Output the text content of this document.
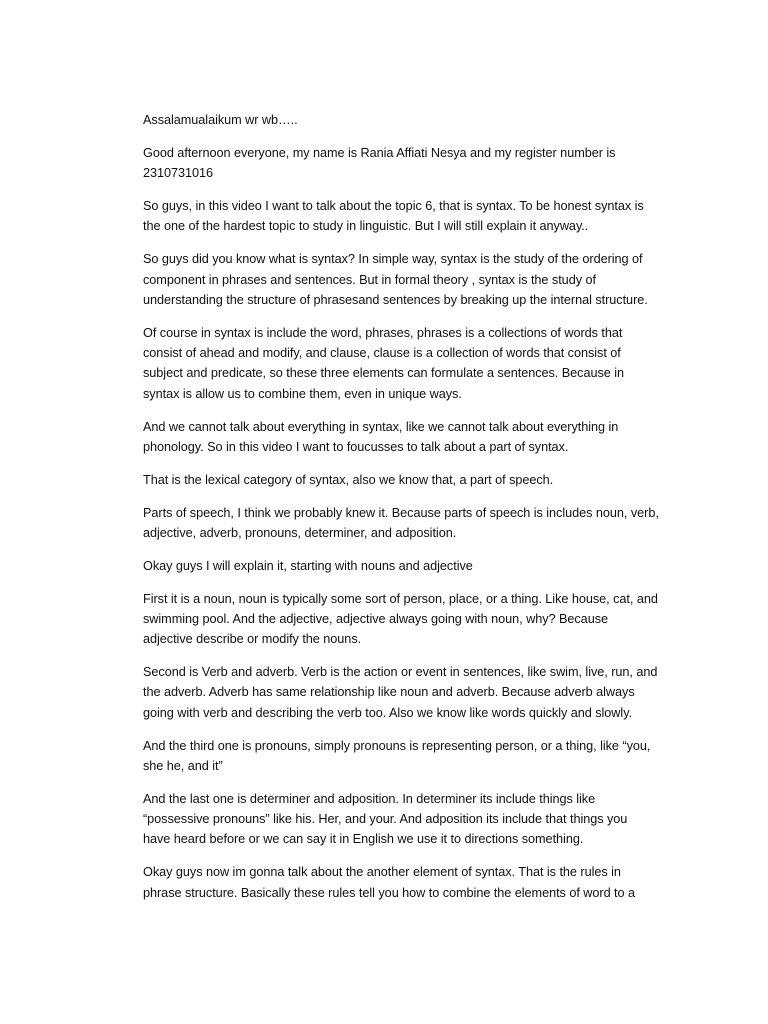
Assalamualaikum wr wb…..

Good afternoon everyone, my name is Rania Affiati Nesya and my register number is
2310731016

So guys, in this video I want to talk about the topic 6, that is syntax. To be honest syntax is
the one of the hardest topic to study in linguistic. But I will still explain it anyway..

So guys did you know what is syntax? In simple way, syntax is the study of the ordering of
component in phrases and sentences. But in formal theory , syntax is the study of
understanding the structure of phrasesand sentences by breaking up the internal structure.

Of course in syntax is include the word, phrases, phrases is a collections of words that
consist of ahead and modify, and clause, clause is a collection of words that consist of
subject and predicate, so these three elements can formulate a sentences. Because in
syntax is allow us to combine them, even in unique ways.

And we cannot talk about everything in syntax, like we cannot talk about everything in
phonology. So in this video I want to foucusses to talk about a part of syntax.

That is the lexical category of syntax, also we know that, a part of speech.

Parts of speech, I think we probably knew it. Because parts of speech is includes noun, verb,
adjective, adverb, pronouns, determiner, and adposition.

Okay guys I will explain it, starting with nouns and adjective

First it is a noun, noun is typically some sort of person, place, or a thing. Like house, cat, and
swimming pool. And the adjective, adjective always going with noun, why? Because
adjective describe or modify the nouns.

Second is Verb and adverb. Verb is the action or event in sentences, like swim, live, run, and
the adverb. Adverb has same relationship like noun and adverb. Because adverb always
going with verb and describing the verb too. Also we know like words quickly and slowly.

And the third one is pronouns, simply pronouns is representing person, or a thing, like “you,
she he, and it”

And the last one is determiner and adposition. In determiner its include things like
“possessive pronouns” like his. Her, and your. And adposition its include that things you
have heard before or we can say it in English we use it to directions something.

Okay guys now im gonna talk about the another element of syntax. That is the rules in
phrase structure. Basically these rules tell you how to combine the elements of word to a
